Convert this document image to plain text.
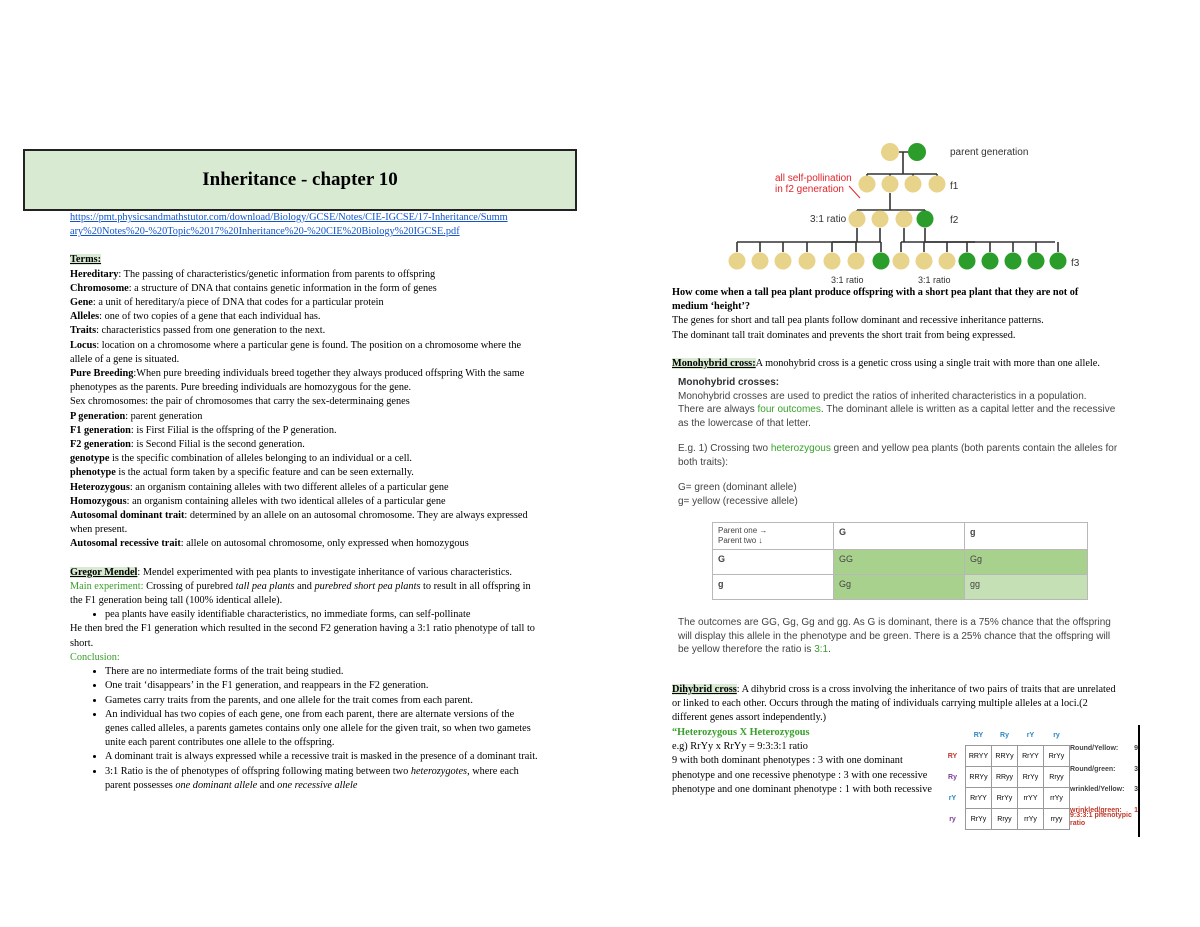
Inheritance - chapter 10
https://pmt.physicsandmathstutor.com/download/Biology/GCSE/Notes/CIE-IGCSE/17-Inheritance/Summ
ary%20Notes%20-%20Topic%2017%20Inheritance%20-%20CIE%20Biology%20IGCSE.pdf
Terms:
Hereditary: The passing of characteristics/genetic information from parents to offspring
Chromosome: a structure of DNA that contains genetic information in the form of genes
Gene: a unit of hereditary/a piece of DNA that codes for a particular protein
Alleles: one of two copies of a gene that each individual has.
Traits: characteristics passed from one generation to the next.
Locus: location on a chromosome where a particular gene is found. The position on a chromosome where the allele of a gene is situated.
Pure Breeding:When pure breeding individuals breed together they always produced offspring With the same phenotypes as the parents. Pure breeding individuals are homozygous for the gene.
Sex chromosomes: the pair of chromosomes that carry the sex-determinaing genes
P generation: parent generation
F1 generation: is First Filial is the offspring of the P generation.
F2 generation: is Second Filial is the second generation.
genotype is the specific combination of alleles belonging to an individual or a cell.
phenotype is the actual form taken by a specific feature and can be seen externally.
Heterozygous: an organism containing alleles with two different alleles of a particular gene
Homozygous: an organism containing alleles with two identical alleles of a particular gene
Autosomal dominant trait: determined by an allele on an autosomal chromosome. They are always expressed when present.
Autosomal recessive trait: allele on autosomal chromosome, only expressed when homozygous
Gregor Mendel: Mendel experimented with pea plants to investigate inheritance of various characteristics.
Main experiment: Crossing of purebred tall pea plants and purebred short pea plants to result in all offspring in the F1 generation being tall (100% identical allele).
• pea plants have easily identifiable characteristics, no immediate forms, can self-pollinate
He then bred the F1 generation which resulted in the second F2 generation having a 3:1 ratio phenotype of tall to short.
Conclusion:
• There are no intermediate forms of the trait being studied.
• One trait ‘disappears’ in the F1 generation, and reappears in the F2 generation.
• Gametes carry traits from the parents, and one allele for the trait comes from each parent.
• An individual has two copies of each gene, one from each parent, there are alternate versions of the genes called alleles, a parents gametes contains only one allele for the given trait, so when two gametes unite each parent contributes one allele to the offspring.
• A dominant trait is always expressed while a recessive trait is masked in the presence of a dominant trait.
• 3:1 Ratio is the of phenotypes of offspring following mating between two heterozygotes, where each parent possesses one dominant allele and one recessive allele
parent generation
f1
f2
f3
3:1 ratio
3:1 ratio	3:1 ratio
all self-pollination
in f2 generation
How come when a tall pea plant produce offspring with a short pea plant that they are not of medium ‘height’?
The genes for short and tall pea plants follow dominant and recessive inheritance patterns.
The dominant tall trait dominates and prevents the short trait from being expressed.
Monohybrid cross:A monohybrid cross is a genetic cross using a single trait with more than one allele.
Monohybrid crosses:
Monohybrid crosses are used to predict the ratios of inherited characteristics in a population.
There are always four outcomes. The dominant allele is written as a capital letter and the recessive as the lowercase of that letter.
E.g. 1) Crossing two heterozygous green and yellow pea plants (both parents contain the alleles for both traits):
G= green (dominant allele)
g= yellow (recessive allele)
Parent one →
Parent two ↓	G	g
G	GG	Gg
g	Gg	gg
The outcomes are GG, Gg, Gg and gg. As G is dominant, there is a 75% chance that the offspring will display this allele in the phenotype and be green. There is a 25% chance that the offspring will be yellow therefore the ratio is 3:1.
Dihybrid cross: A dihybrid cross is a cross involving the inheritance of two pairs of traits that are unrelated or linked to each other. Occurs through the mating of individuals carrying multiple alleles at a loci.(2 different genes assort independently.)
“Heterozygous X Heterozygous
e.g) RrYy x RrYy = 9:3:3:1 ratio
9 with both dominant phenotypes : 3 with one dominant phenotype and one recessive phenotype : 3 with one recessive phenotype and one dominant phenotype : 1 with both recessive
	RY	Ry	rY	ry
RY	RRYY	RRYy	RrYY	RrYy
Ry	RRYy	RRyy	RrYy	Rryy
rY	RrYY	RrYy	rrYY	rrYy
ry	RrYy	Rryy	rrYy	rryy
Round/Yellow: 9
Round/green:	3
wrinkled/Yellow: 3
wrinkled/green: 1
9:3:3:1 phenotypic ratio
